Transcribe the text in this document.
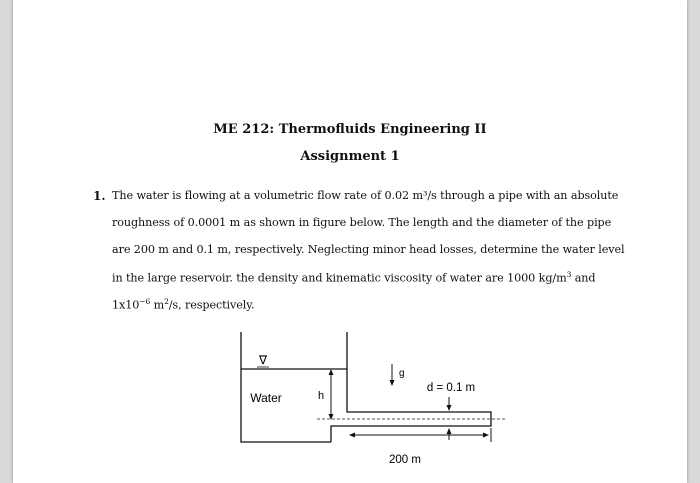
ME 212: Thermofluids Engineering II
Assignment 1
1. The water is flowing at a volumetric flow rate of 0.02 m³/s through a pipe with an absolute
roughness of 0.0001 m as shown in figure below. The length and the diameter of the pipe
are 200 m and 0.1 m, respectively. Neglecting minor head losses, determine the water level
in the large reservoir. the density and kinematic viscosity of water are 1000 $kg/m^3$ and
$1x10^{-6}$ $m^2/s$, respectively.
∇
Water	h
g
d = 0.1 m
200 m
